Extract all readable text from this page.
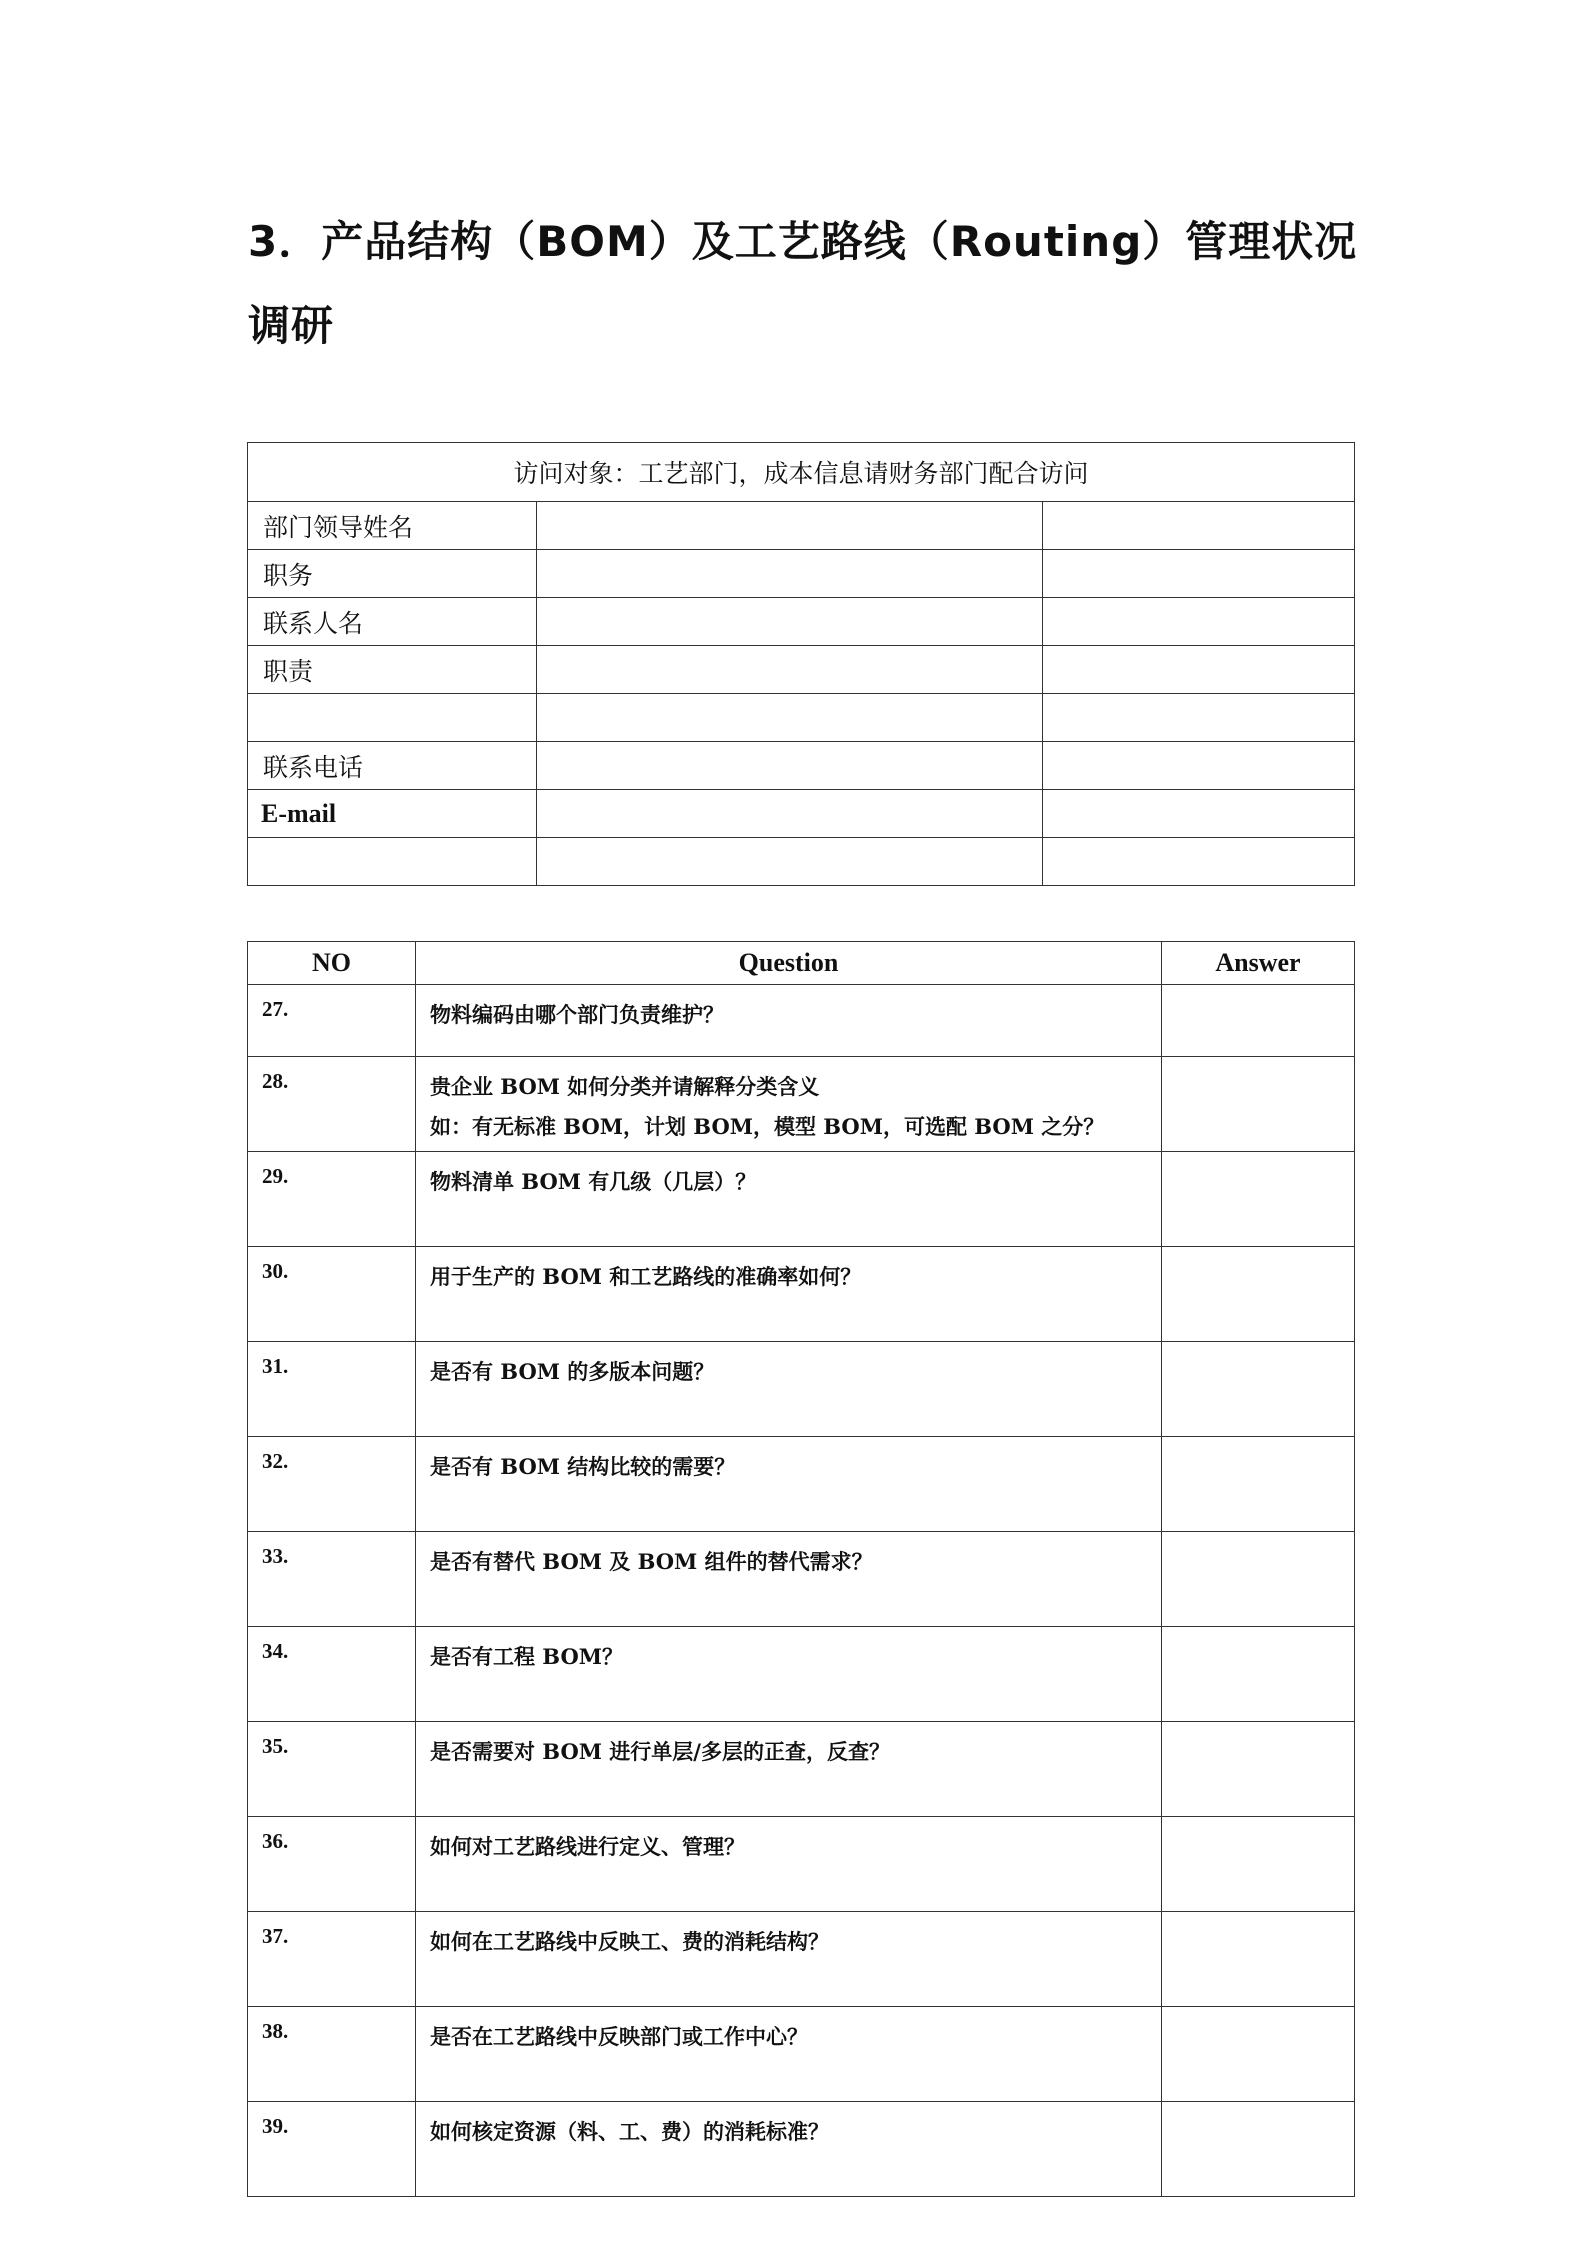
3．产品结构（BOM）及工艺路线（Routing）管理状况调研
访问对象：工艺部门，成本信息请财务部门配合访问		
部门领导姓名		
职务		
联系人名		
职责		

联系电话		
E-mail		

NO	Question	Answer
27.	物料编码由哪个部门负责维护？	

28.	贵企业 BOM 如何分类并请解释分类含义
如：有无标准 BOM，计划 BOM，模型 BOM，可选配 BOM 之分？	

29.	物料清单 BOM 有几级（几层）？	

30.	用于生产的 BOM 和工艺路线的准确率如何？	

31.	是否有 BOM 的多版本问题？	

32.	是否有 BOM 结构比较的需要？	

33.	是否有替代 BOM 及 BOM 组件的替代需求？	

34.	是否有工程 BOM？	

35.	是否需要对 BOM 进行单层/多层的正查，反查？	

36.	如何对工艺路线进行定义、管理？	

37.	如何在工艺路线中反映工、费的消耗结构？	

38.	是否在工艺路线中反映部门或工作中心？	

39.	如何核定资源（料、工、费）的消耗标准？	
